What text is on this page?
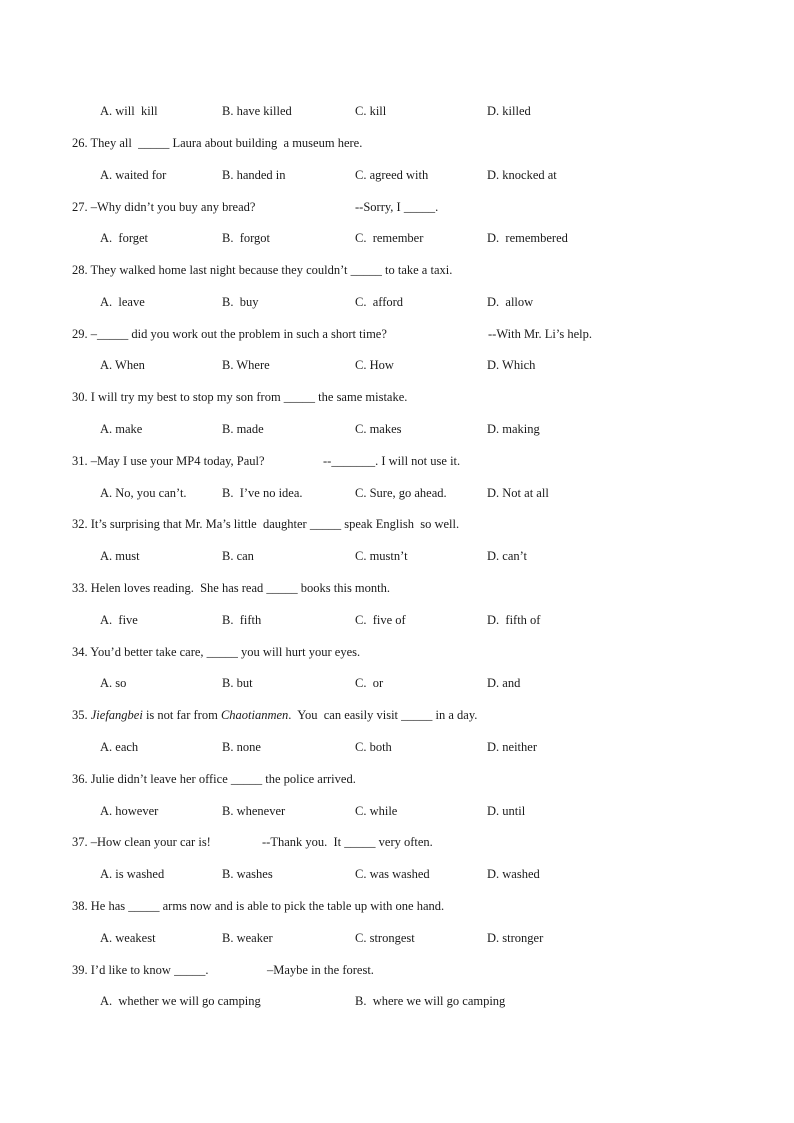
A. will  kill	B. have killed	C. kill	D. killed
26. They all  _____ Laura about building  a museum here.
A. waited for	B. handed in	C. agreed with	D. knocked at
27. –Why didn’t you buy any bread?	--Sorry, I _____.
A.  forget	B.  forgot	C.  remember	D.  remembered
28. They walked home last night because they couldn’t _____ to take a taxi.
A.  leave	B.  buy	C.  afford	D.  allow
29. –_____ did you work out the problem in such a short time?	--With Mr. Li’s help.
A. When	B. Where	C. How	D. Which
30. I will try my best to stop my son from _____ the same mistake.
A. make	B. made	C. makes	D. making
31. –May I use your MP4 today, Paul?	--_______. I will not use it.
A. No, you can’t.	B.  I’ve no idea.	C. Sure, go ahead.	D. Not at all
32. It’s surprising that Mr. Ma’s little  daughter _____ speak English  so well.
A. must	B. can	C. mustn’t	D. can’t
33. Helen loves reading.  She has read _____ books this month.
A.  five	B.  fifth	C.  five of	D.  fifth of
34. You’d better take care, _____ you will hurt your eyes.
A. so	B. but	C.  or	D. and
35. Jiefangbei is not far from Chaotianmen.  You  can easily visit _____ in a day.
A. each	B. none	C. both	D. neither
36. Julie didn’t leave her office _____ the police arrived.
A. however	B. whenever	C. while	D. until
37. –How clean your car is!	--Thank you.  It _____ very often.
A. is washed	B. washes	C. was washed	D. washed
38. He has _____ arms now and is able to pick the table up with one hand.
A. weakest	B. weaker	C. strongest	D. stronger
39. I’d like to know _____.	–Maybe in the forest.
A.  whether we will go camping	B.  where we will go camping
